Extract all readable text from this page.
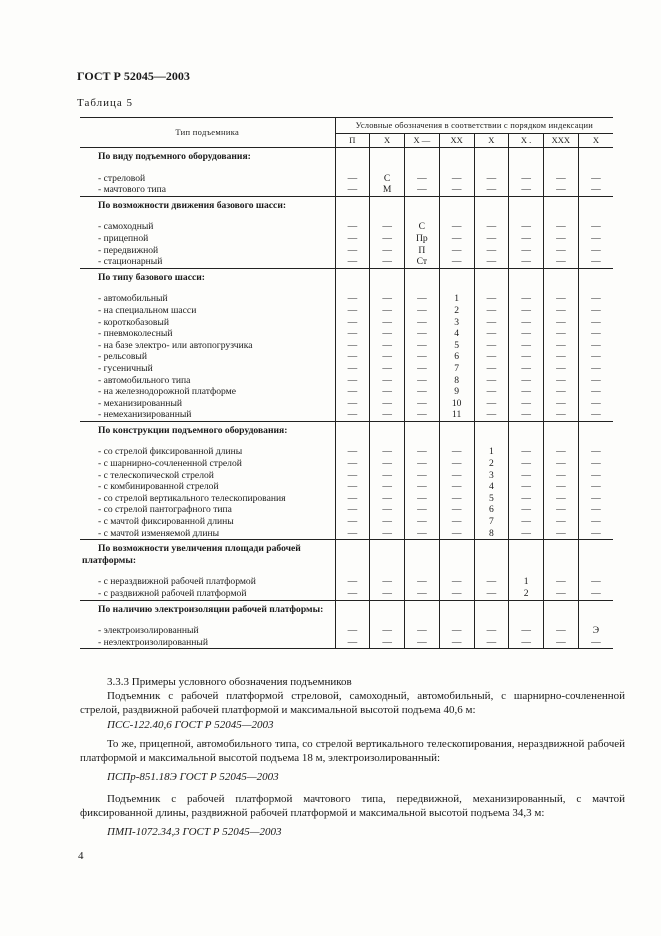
ГОСТ Р 52045—2003
Таблица 5
Тип подъемника	Условные обозначения в соответствии с порядком индексации							
	П	Х	Х —	ХХ	Х	Х .	ХХХ	Х
По виду подъемного оборудования:								

- стреловой	—	С	—	—	—	—	—	—
- мачтового типа	—	М	—	—	—	—	—	—
По возможности движения базового шасси:								

- самоходный	—	—	С	—	—	—	—	—
- прицепной	—	—	Пр	—	—	—	—	—
- передвижной	—	—	П	—	—	—	—	—
- стационарный	—	—	Ст	—	—	—	—	—
По типу базового шасси:								

- автомобильный	—	—	—	1	—	—	—	—
- на специальном шасси	—	—	—	2	—	—	—	—
- короткобазовый	—	—	—	3	—	—	—	—
- пневмоколесный	—	—	—	4	—	—	—	—
- на базе электро- или автопогрузчика	—	—	—	5	—	—	—	—
- рельсовый	—	—	—	6	—	—	—	—
- гусеничный	—	—	—	7	—	—	—	—
- автомобильного типа	—	—	—	8	—	—	—	—
- на железнодорожной платформе	—	—	—	9	—	—	—	—
- механизированный	—	—	—	10	—	—	—	—
- немеханизированный	—	—	—	11	—	—	—	—
По конструкции подъемного оборудования:								

- со стрелой фиксированной длины	—	—	—	—	1	—	—	—
- с шарнирно-сочлененной стрелой	—	—	—	—	2	—	—	—
- с телескопической стрелой	—	—	—	—	3	—	—	—
- с комбинированной стрелой	—	—	—	—	4	—	—	—
- со стрелой вертикального телескопирования	—	—	—	—	5	—	—	—
- со стрелой пантографного типа	—	—	—	—	6	—	—	—
- с мачтой фиксированной длины	—	—	—	—	7	—	—	—
- с мачтой изменяемой длины	—	—	—	—	8	—	—	—
По возможности увеличения площади рабочей платформы:								

- с нераздвижной рабочей платформой	—	—	—	—	—	1	—	—
- с раздвижной рабочей платформой	—	—	—	—	—	2	—	—
По наличию электроизоляции рабочей платформы:								

- электроизолированный	—	—	—	—	—	—	—	Э
- неэлектроизолированный	—	—	—	—	—	—	—	—

3.3.3 Примеры условного обозначения подъемников

Подъемник с рабочей платформой стреловой, самоходный, автомобильный, с шарнирно-сочлененной стрелой, раздвижной рабочей платформой и максимальной высотой подъема 40,6 м:

ПСС-122.40,6 ГОСТ Р 52045—2003

То же, прицепной, автомобильного типа, со стрелой вертикального телескопирования, нераздвижной рабочей платформой и максимальной высотой подъема 18 м, электроизолированный:

ПСПр-851.18Э ГОСТ Р 52045—2003

Подъемник с рабочей платформой мачтового типа, передвижной, механизированный, с мачтой фиксированной длины, раздвижной рабочей платформой и максимальной высотой подъема 34,3 м:

ПМП-1072.34,3 ГОСТ Р 52045—2003

4
